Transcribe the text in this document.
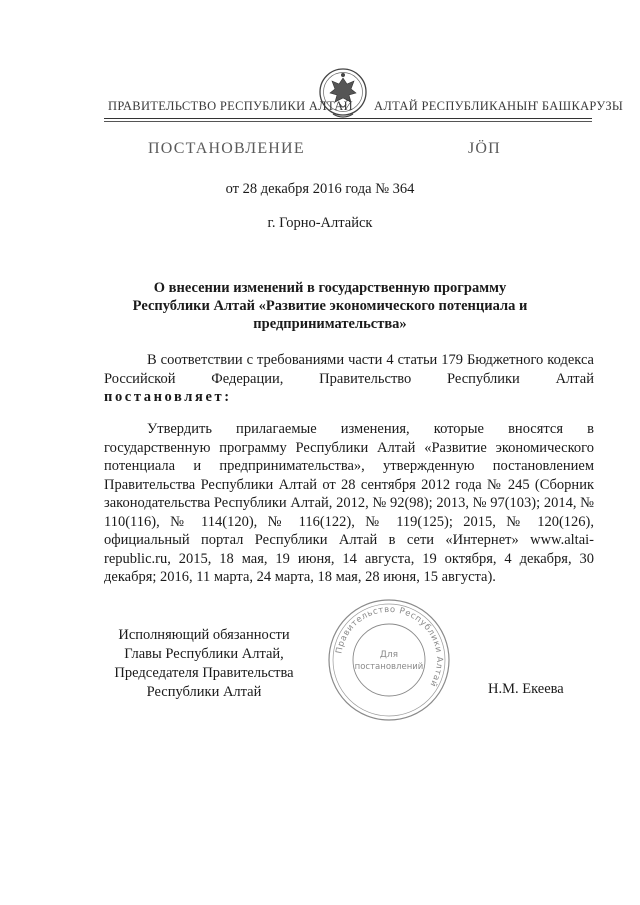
ПРАВИТЕЛЬСТВО РЕСПУБЛИКИ АЛТАЙ АЛТАЙ РЕСПУБЛИКАНЫҤ БАШКАРУЗЫ
ПОСТАНОВЛЕНИЕ	JÖП
от 28 декабря 2016 года № 364
г. Горно-Алтайск
О внесении изменений в государственную программу
Республики Алтай «Развитие экономического потенциала и
предпринимательства»

В соответствии с требованиями части 4 статьи 179 Бюджетного кодекса Российской Федерации, Правительство Республики Алтай постановляет:

Утвердить прилагаемые изменения, которые вносятся в государственную программу Республики Алтай «Развитие экономического потенциала и предпринимательства», утвержденную постановлением Правительства Республики Алтай от 28 сентября 2012 года № 245 (Сборник законодательства Республики Алтай, 2012, № 92(98); 2013, № 97(103); 2014, № 110(116), № 114(120), № 116(122), № 119(125); 2015, № 120(126), официальный портал Республики Алтай в сети «Интернет» www.altai-republic.ru, 2015, 18 мая, 19 июня, 14 августа, 19 октября, 4 декабря, 30 декабря; 2016, 11 марта, 24 марта, 18 мая, 28 июня, 15 августа).

Исполняющий обязанности
Главы Республики Алтай,
Председателя Правительства
Республики Алтай	Н.М. Екеева
Правительство Республики Алтай
Для
постановлений
